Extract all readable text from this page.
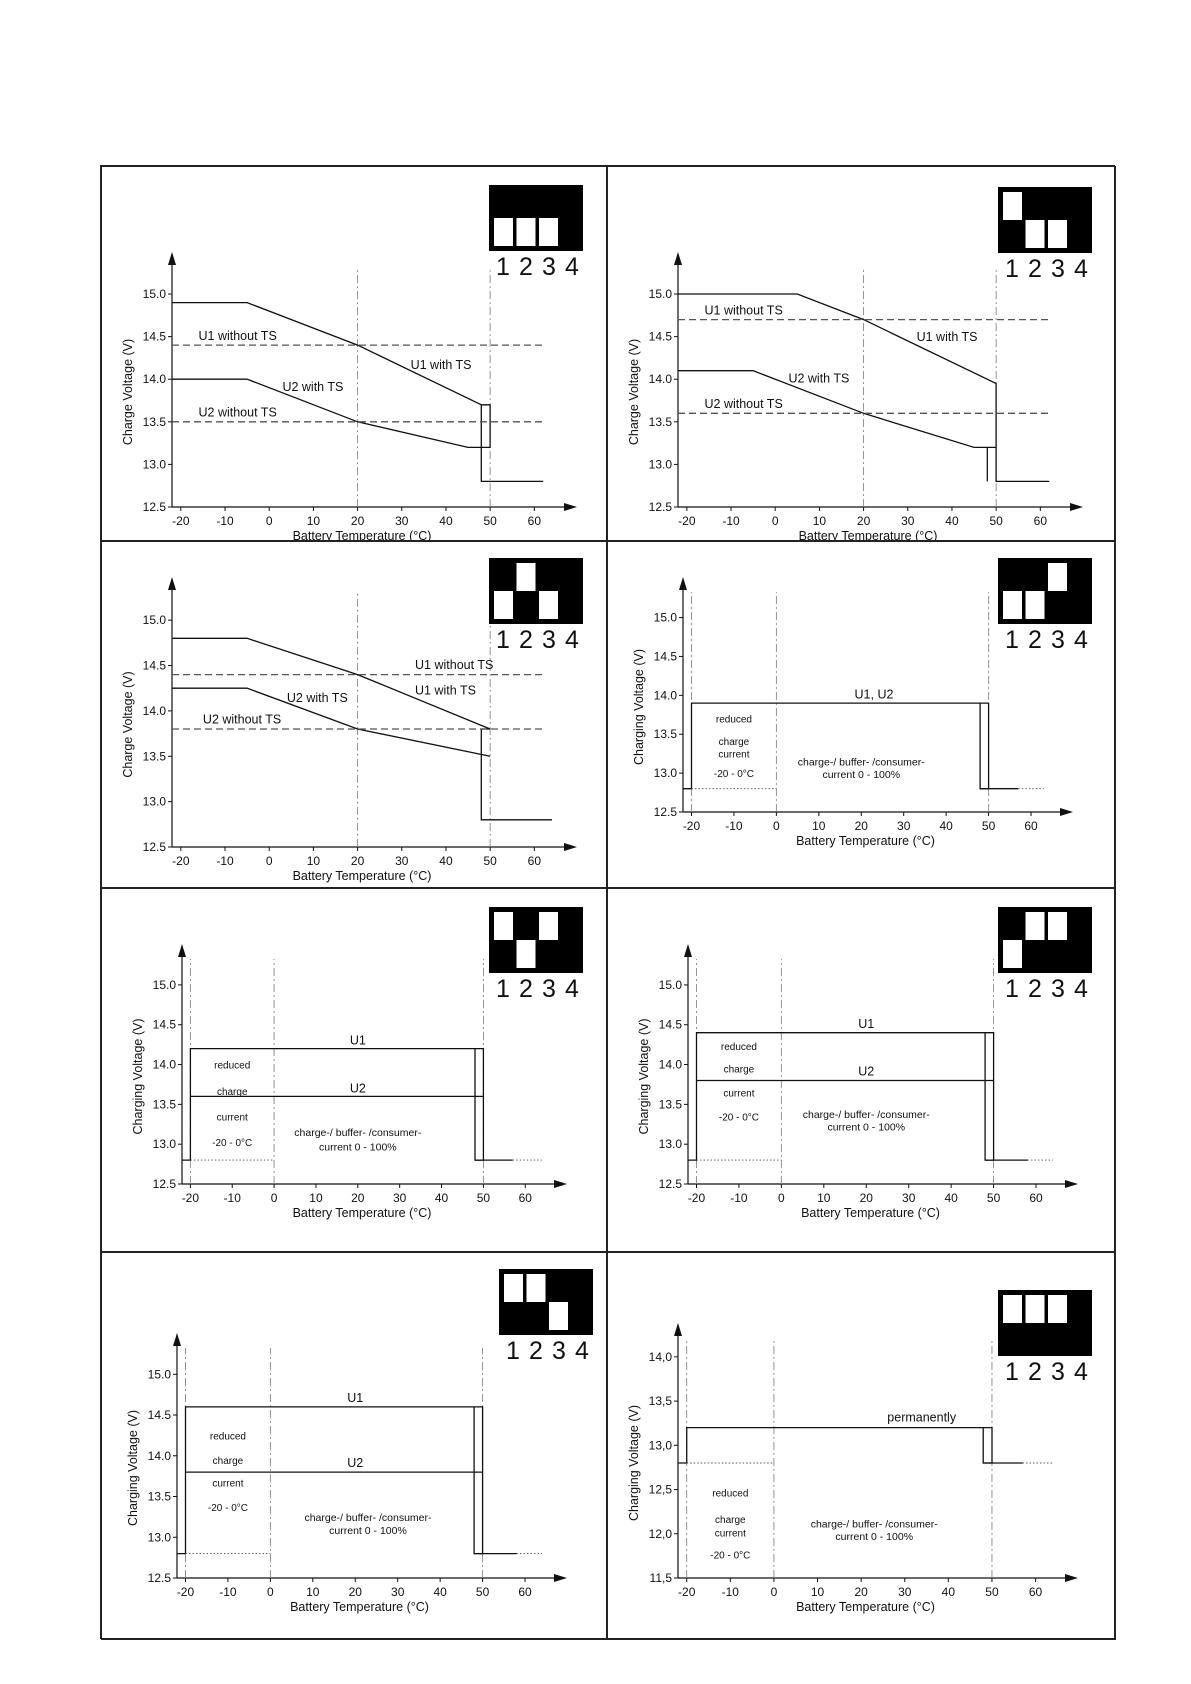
-20 -10	0	10	20	30	40	50	60
12.5
13.0
13.5
14.0
14.5
15.0
Battery Temperature (°C)
Charge Voltage (V)
U1 without TS
U1 with TS
U2 with TS
U2 without TS
1 2 3 4
-20 -10	0	10	20	30	40	50	60
12.5
13.0
13.5
14.0
14.5
15.0
Battery Temperature (°C)
Charge Voltage (V)
U1 without TS
U1 with TS
U2 with TS
U2 without TS
1 2 3 4
-20 -10	0	10	20	30	40	50	60
12.5
13.0
13.5
14.0
14.5
15.0
Battery Temperature (°C)
Charge Voltage (V)
U1 without TS
U1 with TS
U2 with TS
U2 without TS
1 2 3 4
-20 -10	0	10 20 30 40 50 60
12.5
13.0
13.5
14.0
14.5
15.0
Battery Temperature (°C)
Charging Voltage (V)	U1, U2
charge-/ buffer- /consumer-
current 0 - 100%
reduced
charge
current
-20 - 0°C
1 2 3 4
-20 -10 0	10 20 30 40 50 60
12.5
13.0
13.5
14.0
14.5
15.0
Battery Temperature (°C)
Charging Voltage (V)	U1
U2
charge-/ buffer- /consumer-
current 0 - 100%
reduced
charge
current
-20 - 0°C
1 2 3 4
-20 -10	0	10 20 30 40 50 60
12.5
13.0
13.5
14.0
14.5
15.0
Battery Temperature (°C)
Charging Voltage (V)	U1
U2
charge-/ buffer- /consumer-
current 0 - 100%
reduced
charge
current
-20 - 0°C
1 2 3 4
-20 -10	0	10 20 30 40 50 60
12.5
13.0
13.5
14.0
14.5
15.0
Battery Temperature (°C)
Charging Voltage (V)
U1
U2
charge-/ buffer- /consumer-
current 0 - 100%
reduced
charge
current
-20 - 0°C
1 2 3 4
-20 -10	0	10	20	30	40	50	60
11,5
12,0
12,5
13,0
13,5
14,0
Battery Temperature (°C)
Charging Voltage (V)	permanently
charge-/ buffer- /consumer-
current 0 - 100%
reduced
charge
current
-20 - 0°C
1 2 3 4
